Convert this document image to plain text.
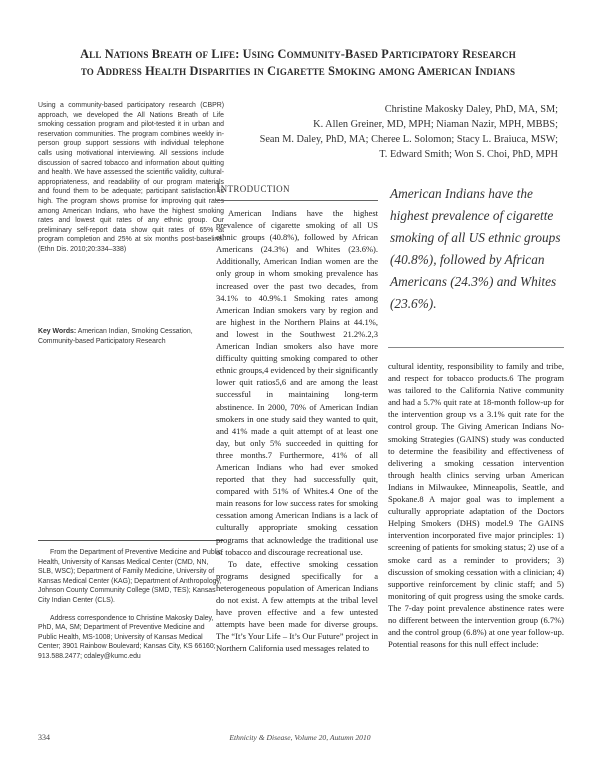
All Nations Breath of Life: Using Community-Based Participatory Research
to Address Health Disparities in Cigarette Smoking among American Indians
Using a community-based participatory research (CBPR) approach, we developed the All Nations Breath of Life smoking cessation program and pilot-tested it in urban and reservation communities. The program combines weekly in-person group support sessions with individual telephone calls using motivational interviewing. All sessions include discussion of sacred tobacco and information about quitting and health. We have assessed the scientific validity, cultural-appropriateness, and readability of our program materials and found them to be adequate; participant satisfaction is high. The program shows promise for improving quit rates among American Indians, who have the highest smoking rates and lowest quit rates of any ethnic group. Our preliminary self-report data show quit rates of 65% at program completion and 25% at six months post-baseline. (Ethn Dis. 2010;20:334–338)
Key Words: American Indian, Smoking Cessation, Community-based Participatory Research

From the Department of Preventive Medicine and Public Health, University of Kansas Medical Center (CMD, NN, SLB, WSC); Department of Family Medicine, University of Kansas Medical Center (KAG); Department of Anthropology, Johnson County Community College (SMD, TES); Kansas City Indian Center (CLS).

Address correspondence to Christine Makosky Daley, PhD, MA, SM; Department of Preventive Medicine and Public Health, MS-1008; University of Kansas Medical Center; 3901 Rainbow Boulevard; Kansas City, KS 66160; 913.588.2477; cdaley@kumc.edu

Christine Makosky Daley, PhD, MA, SM;
K. Allen Greiner, MD, MPH; Niaman Nazir, MPH, MBBS;
Sean M. Daley, PhD, MA; Cheree L. Solomon; Stacy L. Braiuca, MSW;
T. Edward Smith; Won S. Choi, PhD, MPH
Introduction

American Indians have the highest prevalence of cigarette smoking of all US ethnic groups (40.8%), followed by African Americans (24.3%) and Whites (23.6%). Additionally, American Indian women are the only group in whom smoking prevalence has increased over the past two decades, from 34.1% to 40.9%.1 Smoking rates among American Indian smokers vary by region and are highest in the Northern Plains at 44.1%, and lowest in the Southwest 21.2%.2,3 American Indian smokers also have more difficulty quitting smoking compared to other ethnic groups,4 evidenced by their significantly lower quit ratios5,6 and are among the least successful in maintaining long-term abstinence. In 2000, 70% of American Indian smokers in one study said they wanted to quit, and 41% made a quit attempt of at least one day, but only 5% succeeded in quitting for three months.7 Furthermore, 41% of all American Indians who had ever smoked reported that they had successfully quit, compared with 51% of Whites.4 One of the main reasons for low success rates for smoking cessation among American Indians is a lack of culturally appropriate smoking cessation programs that acknowledge the traditional use of tobacco and discourage recreational use.

To date, effective smoking cessation programs designed specifically for a heterogeneous population of American Indians do not exist. A few attempts at the tribal level have proven effective and a few untested attempts have been made for diverse groups. The “It’s Your Life – It’s Our Future” project in Northern California used messages related to

American Indians have the highest prevalence of cigarette smoking of all US ethnic groups (40.8%), followed by African Americans (24.3%) and Whites (23.6%).

cultural identity, responsibility to family and tribe, and respect for tobacco products.6 The program was tailored to the California Native community and had a 5.7% quit rate at 18-month follow-up for the intervention group vs a 3.1% quit rate for the control group. The Giving American Indians No-smoking Strategies (GAINS) study was conducted to determine the feasibility and effectiveness of delivering a smoking cessation intervention through health clinics serving urban American Indians in Milwaukee, Minneapolis, Seattle, and Spokane.8 A major goal was to implement a culturally appropriate adaptation of the Doctors Helping Smokers (DHS) model.9 The GAINS intervention incorporated five major principles: 1) screening of patients for smoking status; 2) use of a smoke card as a reminder to providers; 3) discussion of smoking cessation with a clinician; 4) supportive reinforcement by clinic staff; and 5) monitoring of quit progress using the smoke cards. The 7-day point prevalence abstinence rates were no different between the intervention group (6.7%) and the control group (6.8%) at one year follow-up. Potential reasons for this null effect include:

334	Ethnicity & Disease, Volume 20, Autumn 2010
